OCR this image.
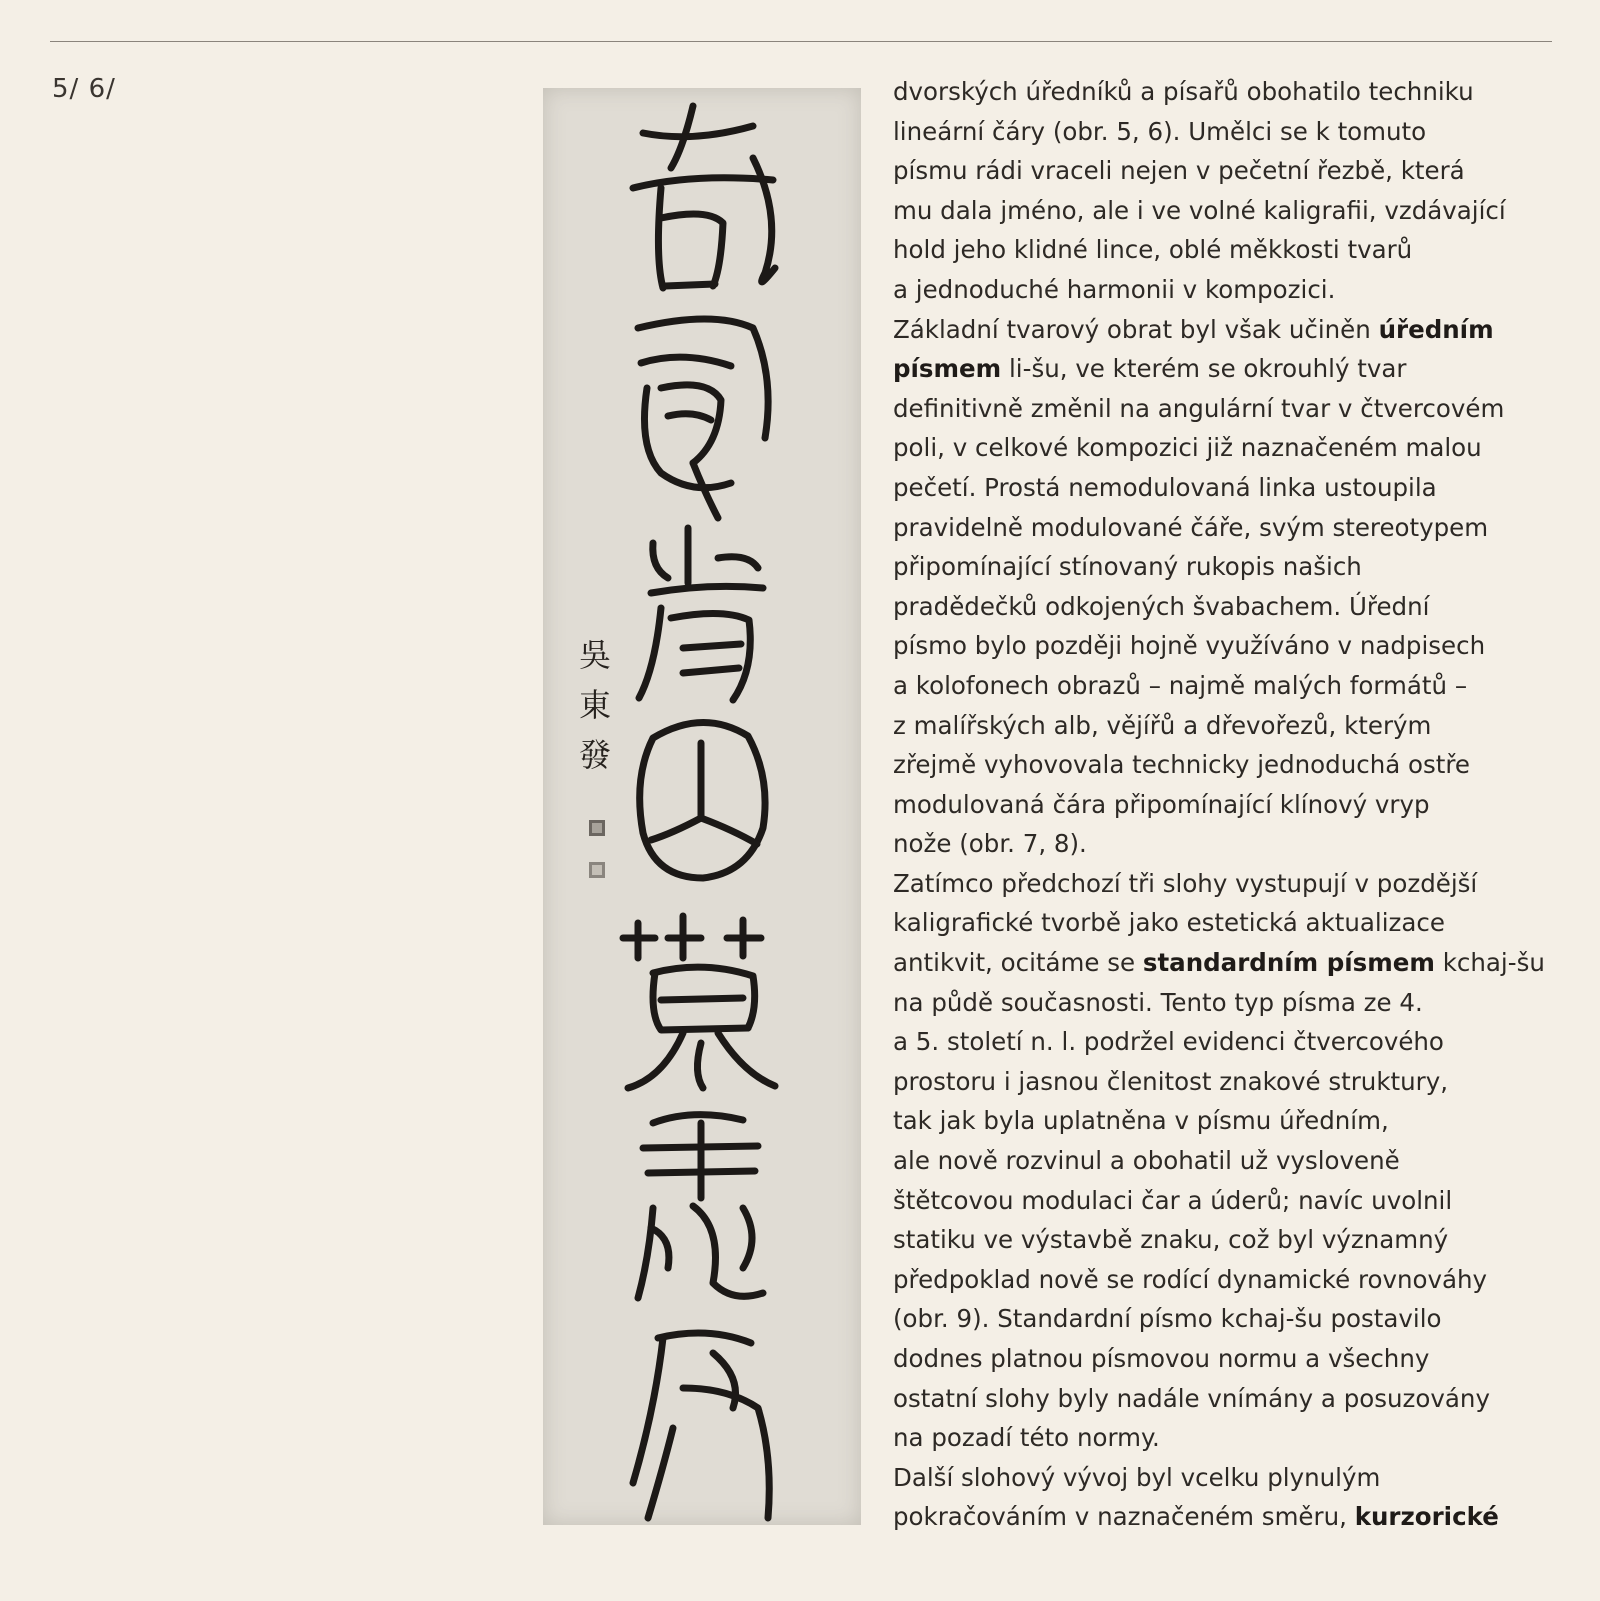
5/ 6/
吳
東
發
dvorských úředníků a písařů obohatilo techniku
lineární čáry (obr. 5, 6). Umělci se k tomuto
písmu rádi vraceli nejen v pečetní řezbě, která
mu dala jméno, ale i ve volné kaligrafii, vzdávající
hold jeho klidné lince, oblé měkkosti tvarů
a jednoduché harmonii v kompozici.
Základní tvarový obrat byl však učiněn úředním
písmem li-šu, ve kterém se okrouhlý tvar
definitivně změnil na angulární tvar v čtvercovém
poli, v celkové kompozici již naznačeném malou
pečetí. Prostá nemodulovaná linka ustoupila
pravidelně modulované čáře, svým stereotypem
připomínající stínovaný rukopis našich
pradědečků odkojených švabachem. Úřední
písmo bylo později hojně využíváno v nadpisech
a kolofonech obrazů – najmě malých formátů –
z malířských alb, vějířů a dřevořezů, kterým
zřejmě vyhovovala technicky jednoduchá ostře
modulovaná čára připomínající klínový vryp
nože (obr. 7, 8).
Zatímco předchozí tři slohy vystupují v pozdější
kaligrafické tvorbě jako estetická aktualizace
antikvit, ocitáme se standardním písmem kchaj-šu
na půdě současnosti. Tento typ písma ze 4.
a 5. století n. l. podržel evidenci čtvercového
prostoru i jasnou členitost znakové struktury,
tak jak byla uplatněna v písmu úředním,
ale nově rozvinul a obohatil už vysloveně
štětcovou modulaci čar a úderů; navíc uvolnil
statiku ve výstavbě znaku, což byl významný
předpoklad nově se rodící dynamické rovnováhy
(obr. 9). Standardní písmo kchaj-šu postavilo
dodnes platnou písmovou normu a všechny
ostatní slohy byly nadále vnímány a posuzovány
na pozadí této normy.
Další slohový vývoj byl vcelku plynulým
pokračováním v naznačeném směru, kurzorické
